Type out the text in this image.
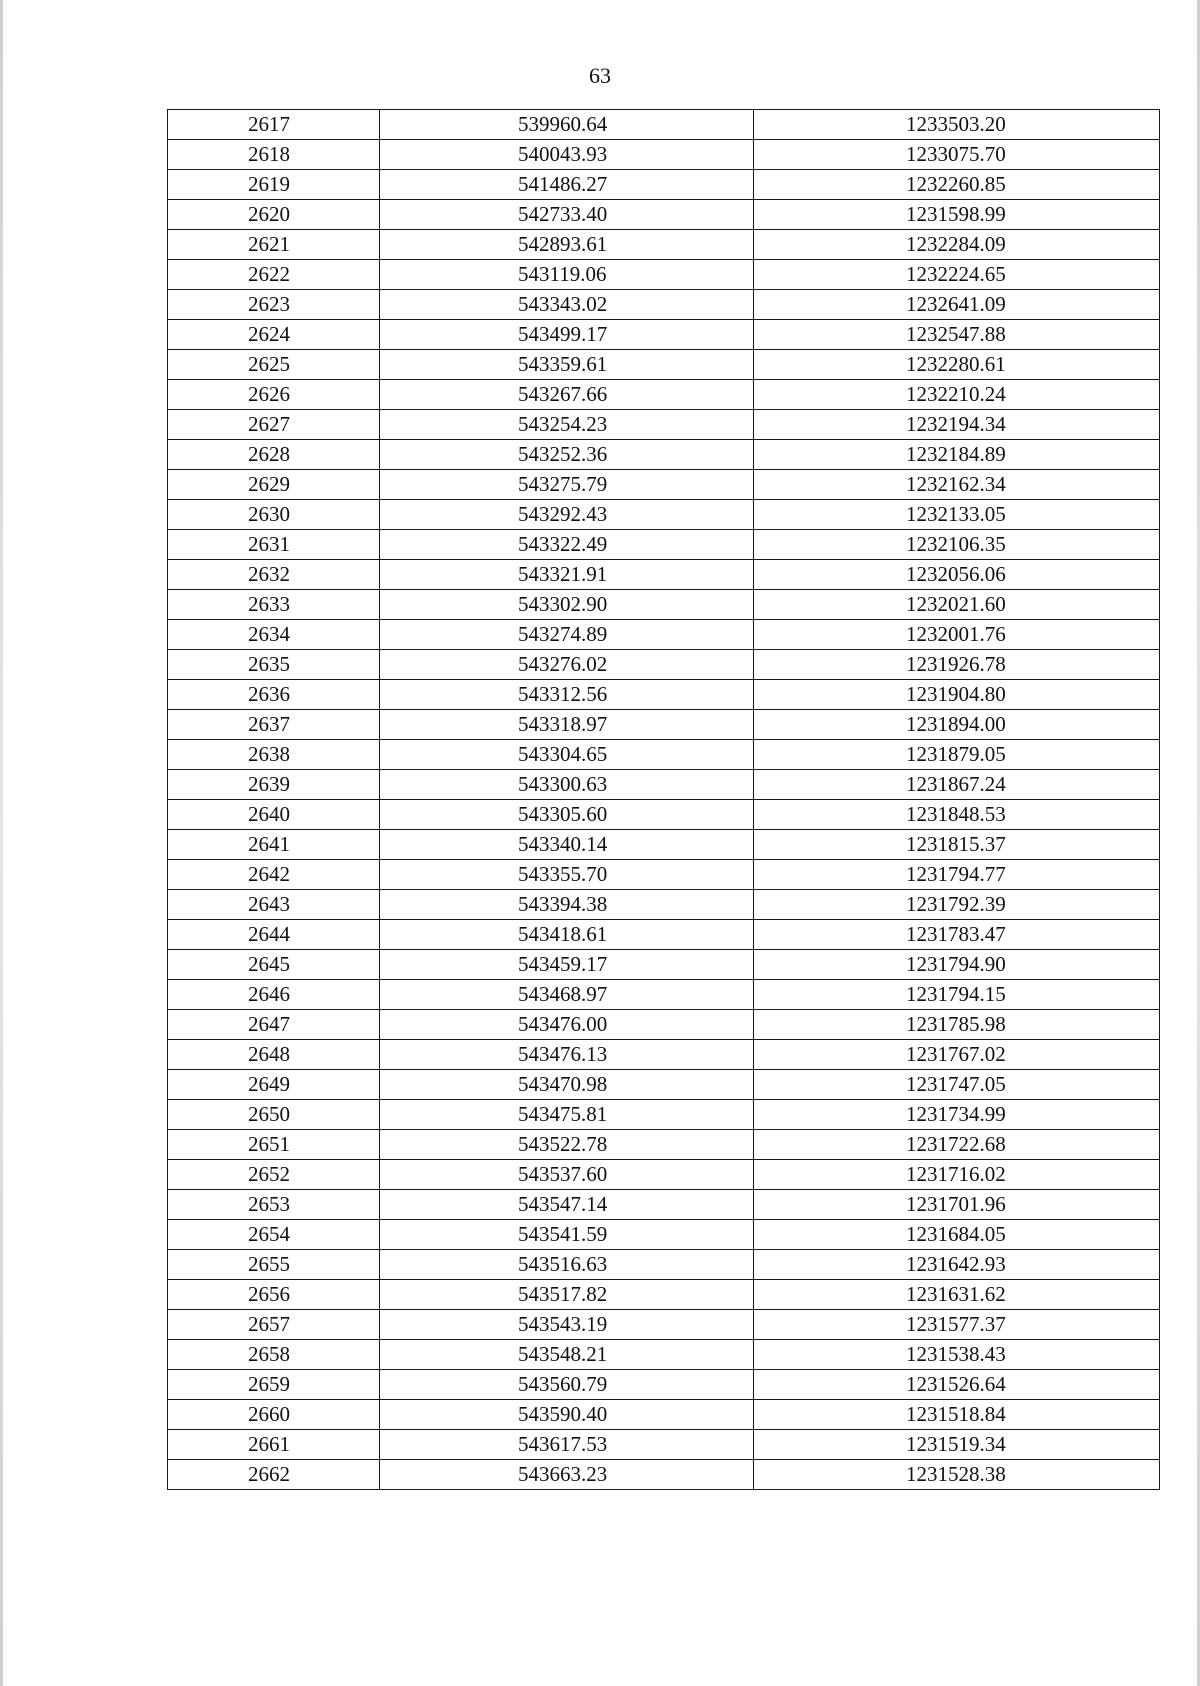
63
2617	539960.64	1233503.20
2618	540043.93	1233075.70
2619	541486.27	1232260.85
2620	542733.40	1231598.99
2621	542893.61	1232284.09
2622	543119.06	1232224.65
2623	543343.02	1232641.09
2624	543499.17	1232547.88
2625	543359.61	1232280.61
2626	543267.66	1232210.24
2627	543254.23	1232194.34
2628	543252.36	1232184.89
2629	543275.79	1232162.34
2630	543292.43	1232133.05
2631	543322.49	1232106.35
2632	543321.91	1232056.06
2633	543302.90	1232021.60
2634	543274.89	1232001.76
2635	543276.02	1231926.78
2636	543312.56	1231904.80
2637	543318.97	1231894.00
2638	543304.65	1231879.05
2639	543300.63	1231867.24
2640	543305.60	1231848.53
2641	543340.14	1231815.37
2642	543355.70	1231794.77
2643	543394.38	1231792.39
2644	543418.61	1231783.47
2645	543459.17	1231794.90
2646	543468.97	1231794.15
2647	543476.00	1231785.98
2648	543476.13	1231767.02
2649	543470.98	1231747.05
2650	543475.81	1231734.99
2651	543522.78	1231722.68
2652	543537.60	1231716.02
2653	543547.14	1231701.96
2654	543541.59	1231684.05
2655	543516.63	1231642.93
2656	543517.82	1231631.62
2657	543543.19	1231577.37
2658	543548.21	1231538.43
2659	543560.79	1231526.64
2660	543590.40	1231518.84
2661	543617.53	1231519.34
2662	543663.23	1231528.38
